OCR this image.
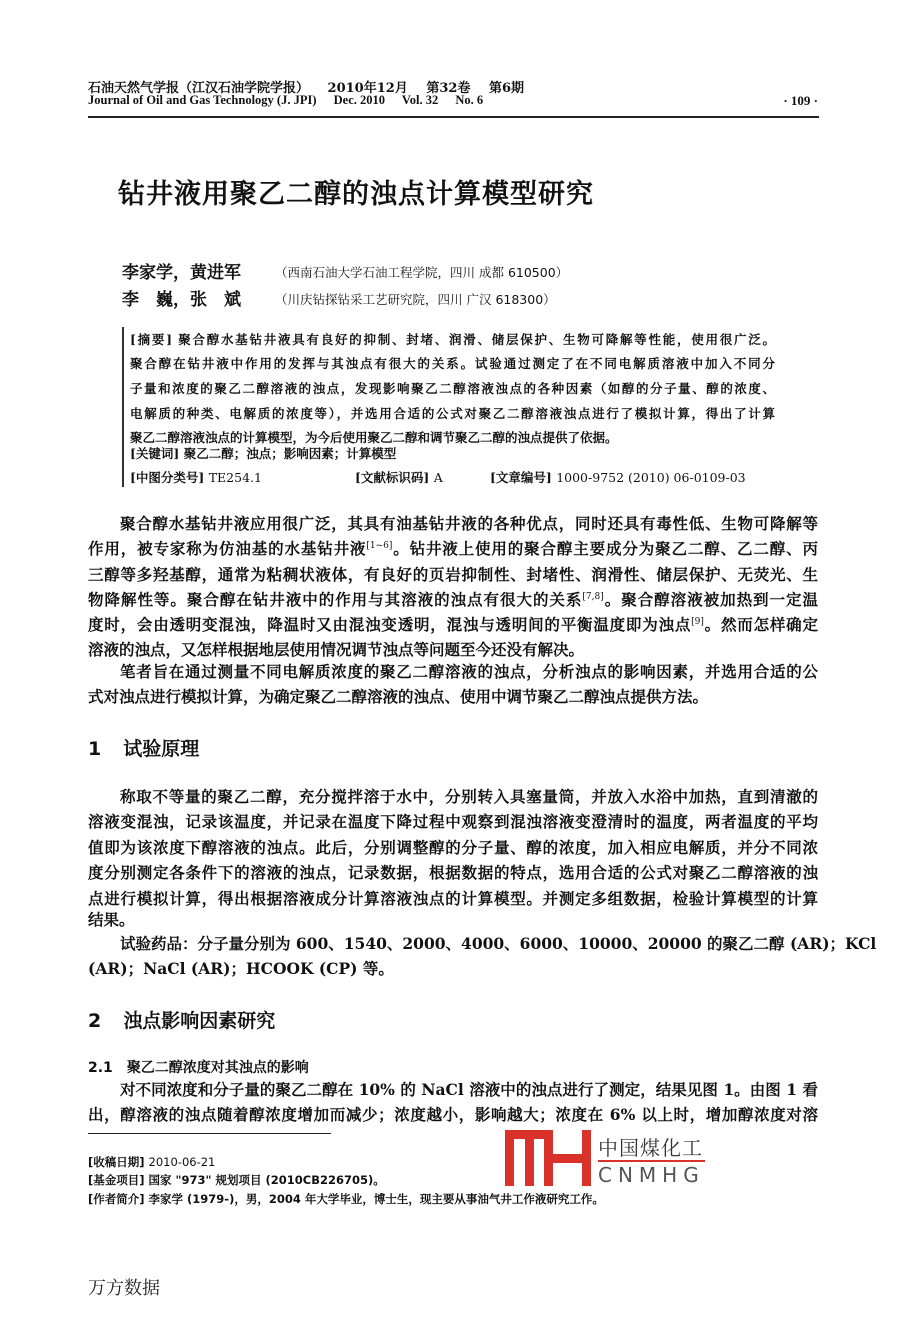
石油天然气学报（江汉石油学院学报） 2010年12月 第32卷 第6期
Journal of Oil and Gas Technology (J. JPI) Dec. 2010 Vol. 32 No. 6	· 109 ·
钻井液用聚乙二醇的浊点计算模型研究
李家学，黄进军	（西南石油大学石油工程学院，四川 成都 610500）
李　巍，张　斌	（川庆钻探钻采工艺研究院，四川 广汉 618300）
[摘要] 聚合醇水基钻井液具有良好的抑制、封堵、润滑、储层保护、生物可降解等性能，使用很广泛。
聚合醇在钻井液中作用的发挥与其浊点有很大的关系。试验通过测定了在不同电解质溶液中加入不同分
子量和浓度的聚乙二醇溶液的浊点，发现影响聚乙二醇溶液浊点的各种因素（如醇的分子量、醇的浓度、
电解质的种类、电解质的浓度等），并选用合适的公式对聚乙二醇溶液浊点进行了模拟计算，得出了计算
聚乙二醇溶液浊点的计算模型，为今后使用聚乙二醇和调节聚乙二醇的浊点提供了依据。
[关键词] 聚乙二醇；浊点；影响因素；计算模型
[中图分类号] TE254.1	[文献标识码] A	[文章编号] 1000-9752 (2010) 06-0109-03
聚合醇水基钻井液应用很广泛，其具有油基钻井液的各种优点，同时还具有毒性低、生物可降解等
作用，被专家称为仿油基的水基钻井液[1~6]。钻井液上使用的聚合醇主要成分为聚乙二醇、乙二醇、丙
三醇等多羟基醇，通常为粘稠状液体，有良好的页岩抑制性、封堵性、润滑性、储层保护、无荧光、生
物降解性等。聚合醇在钻井液中的作用与其溶液的浊点有很大的关系[7,8]。聚合醇溶液被加热到一定温
度时，会由透明变混浊，降温时又由混浊变透明，混浊与透明间的平衡温度即为浊点[9]。然而怎样确定
溶液的浊点，又怎样根据地层使用情况调节浊点等问题至今还没有解决。
笔者旨在通过测量不同电解质浓度的聚乙二醇溶液的浊点，分析浊点的影响因素，并选用合适的公
式对浊点进行模拟计算，为确定聚乙二醇溶液的浊点、使用中调节聚乙二醇浊点提供方法。
1 试验原理
称取不等量的聚乙二醇，充分搅拌溶于水中，分别转入具塞量筒，并放入水浴中加热，直到清澈的
溶液变混浊，记录该温度，并记录在温度下降过程中观察到混浊溶液变澄清时的温度，两者温度的平均
值即为该浓度下醇溶液的浊点。此后，分别调整醇的分子量、醇的浓度，加入相应电解质，并分不同浓
度分别测定各条件下的溶液的浊点，记录数据，根据数据的特点，选用合适的公式对聚乙二醇溶液的浊
点进行模拟计算，得出根据溶液成分计算溶液浊点的计算模型。并测定多组数据，检验计算模型的计算
结果。
试验药品：分子量分别为 600、1540、2000、4000、6000、10000、20000 的聚乙二醇 (AR)；KCl
(AR)；NaCl (AR)；HCOOK (CP) 等。
2 浊点影响因素研究
2.1 聚乙二醇浓度对其浊点的影响
对不同浓度和分子量的聚乙二醇在 10% 的 NaCl 溶液中的浊点进行了测定，结果见图 1。由图 1 看
出，醇溶液的浊点随着醇浓度增加而减少；浓度越小，影响越大；浓度在 6% 以上时，增加醇浓度对溶
[收稿日期] 2010-06-21
[基金项目] 国家 "973" 规划项目 (2010CB226705)。
[作者简介] 李家学 (1979-)，男，2004 年大学毕业，博士生，现主要从事油气井工作液研究工作。
中国煤化工
CNMHG
万方数据
